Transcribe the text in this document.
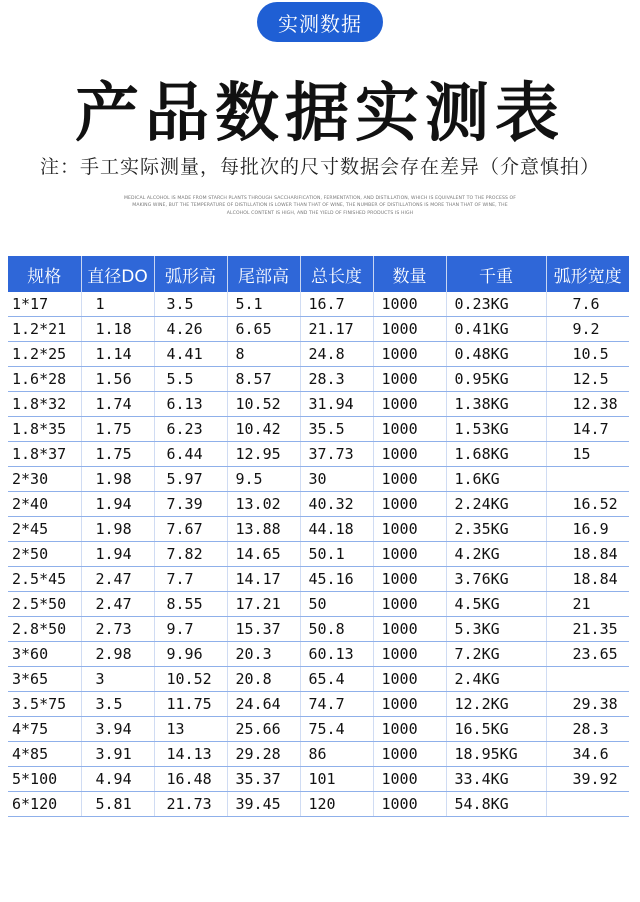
实测数据
产品数据实测表
注：手工实际测量，每批次的尺寸数据会存在差异（介意慎拍）
MEDICAL ALCOHOL IS MADE FROM STARCH PLANTS THROUGH SACCHARIFICATION, FERMENTATION, AND DISTILLATION, WHICH IS EQUIVALENT TO THE PROCESS OF MAKING WINE, BUT THE TEMPERATURE OF DISTILLATION IS LOWER THAN THAT OF WINE, THE NUMBER OF DISTILLATIONS IS MORE THAN THAT OF WINE, THE ALCOHOL CONTENT IS HIGH, AND THE YIELD OF FINISHED PRODUCTS IS HIGH
规格	直径DO	弧形高	尾部高	总长度	数量	千重	弧形宽度
1*17	1	3.5	5.1	16.7	1000	0.23KG	7.6
1.2*21	1.18	4.26	6.65	21.17	1000	0.41KG	9.2
1.2*25	1.14	4.41	8	24.8	1000	0.48KG	10.5
1.6*28	1.56	5.5	8.57	28.3	1000	0.95KG	12.5
1.8*32	1.74	6.13	10.52	31.94	1000	1.38KG	12.38
1.8*35	1.75	6.23	10.42	35.5	1000	1.53KG	14.7
1.8*37	1.75	6.44	12.95	37.73	1000	1.68KG	15
2*30	1.98	5.97	9.5	30	1000	1.6KG	
2*40	1.94	7.39	13.02	40.32	1000	2.24KG	16.52
2*45	1.98	7.67	13.88	44.18	1000	2.35KG	16.9
2*50	1.94	7.82	14.65	50.1	1000	4.2KG	18.84
2.5*45	2.47	7.7	14.17	45.16	1000	3.76KG	18.84
2.5*50	2.47	8.55	17.21	50	1000	4.5KG	21
2.8*50	2.73	9.7	15.37	50.8	1000	5.3KG	21.35
3*60	2.98	9.96	20.3	60.13	1000	7.2KG	23.65
3*65	3	10.52	20.8	65.4	1000	2.4KG	
3.5*75	3.5	11.75	24.64	74.7	1000	12.2KG	29.38
4*75	3.94	13	25.66	75.4	1000	16.5KG	28.3
4*85	3.91	14.13	29.28	86	1000	18.95KG	34.6
5*100	4.94	16.48	35.37	101	1000	33.4KG	39.92
6*120	5.81	21.73	39.45	120	1000	54.8KG	
